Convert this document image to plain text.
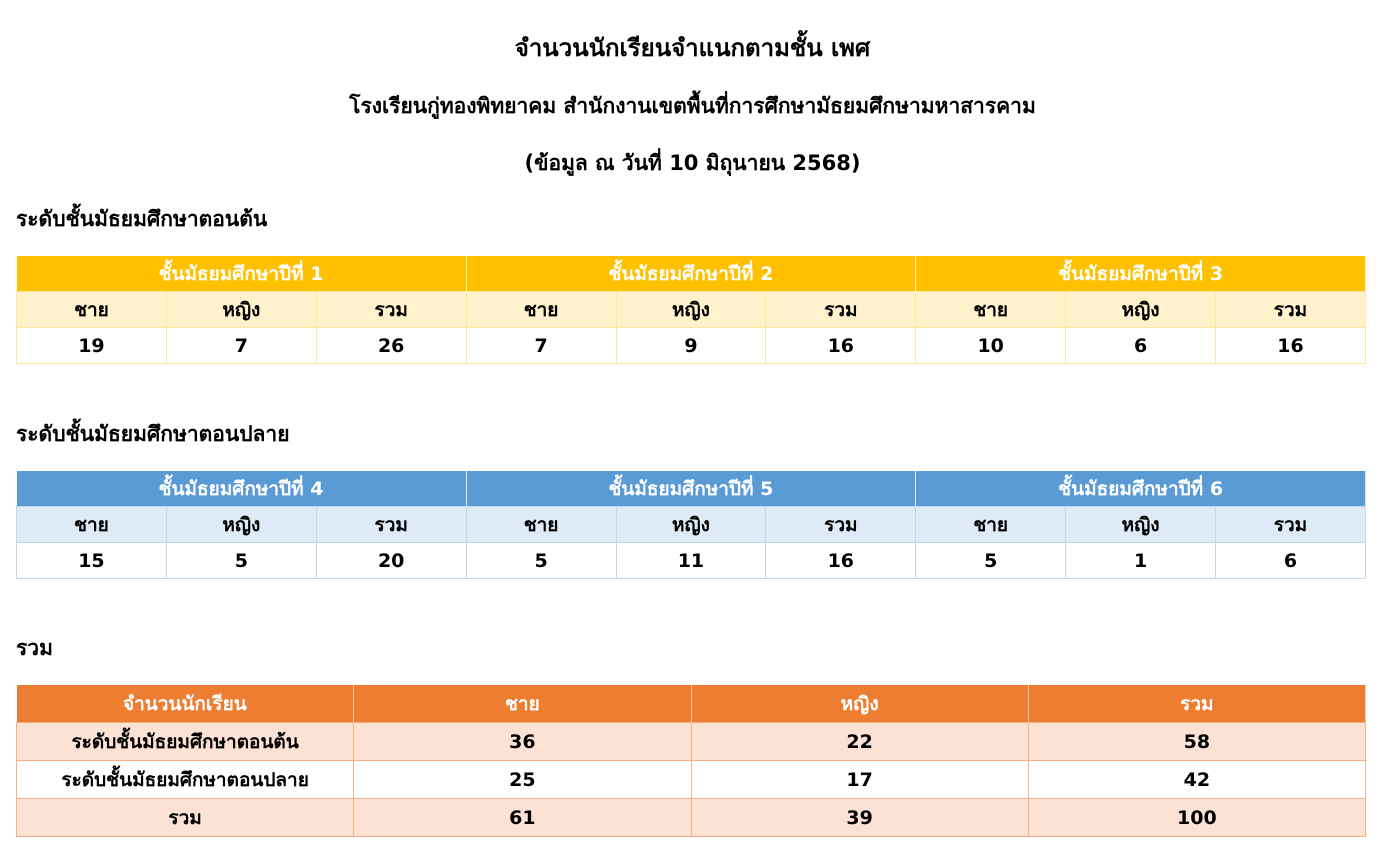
จำนวนนักเรียนจำแนกตามชั้น เพศ
โรงเรียนกู่ทองพิทยาคม สำนักงานเขตพื้นที่การศึกษามัธยมศึกษามหาสารคาม
(ข้อมูล ณ วันที่ 10 มิถุนายน 2568)
ระดับชั้นมัธยมศึกษาตอนต้น
ชั้นมัธยมศึกษาปีที่ 1			ชั้นมัธยมศึกษาปีที่ 2			ชั้นมัธยมศึกษาปีที่ 3		
ชาย	หญิง	รวม	ชาย	หญิง	รวม	ชาย	หญิง	รวม
19	7	26	7	9	16	10	6	16
ระดับชั้นมัธยมศึกษาตอนปลาย
ชั้นมัธยมศึกษาปีที่ 4			ชั้นมัธยมศึกษาปีที่ 5			ชั้นมัธยมศึกษาปีที่ 6		
ชาย	หญิง	รวม	ชาย	หญิง	รวม	ชาย	หญิง	รวม
15	5	20	5	11	16	5	1	6
รวม
จำนวนนักเรียน	ชาย	หญิง	รวม
ระดับชั้นมัธยมศึกษาตอนต้น	36	22	58
ระดับชั้นมัธยมศึกษาตอนปลาย	25	17	42
รวม	61	39	100
